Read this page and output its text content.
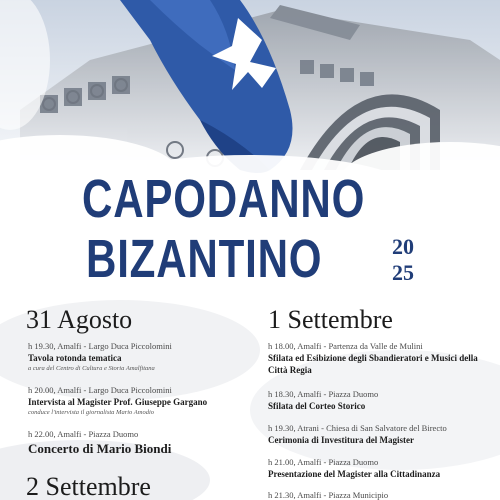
CAPODANNO
BIZANTINO	20
25
31 Agosto
h 19.30, Amalfi - Largo Duca Piccolomini
Tavola rotonda tematica
a cura del Centro di Cultura e Storia Amalfitana
h 20.00, Amalfi - Largo Duca Piccolomini
Intervista al Magister Prof. Giuseppe Gargano
conduce l'intervista il giornalista Mario Amodio
h 22.00, Amalfi - Piazza Duomo
Concerto di Mario Biondi
2 Settembre
1 Settembre
h 18.00, Amalfi - Partenza da Valle de Mulini
Sfilata ed Esibizione degli Sbandieratori e Musici della
Città Regia
h 18.30, Amalfi - Piazza Duomo
Sfilata del Corteo Storico
h 19.30, Atrani - Chiesa di San Salvatore del Birecto
Cerimonia di Investitura del Magister
h 21.00, Amalfi - Piazza Duomo
Presentazione del Magister alla Cittadinanza
h 21.30, Amalfi - Piazza Municipio
